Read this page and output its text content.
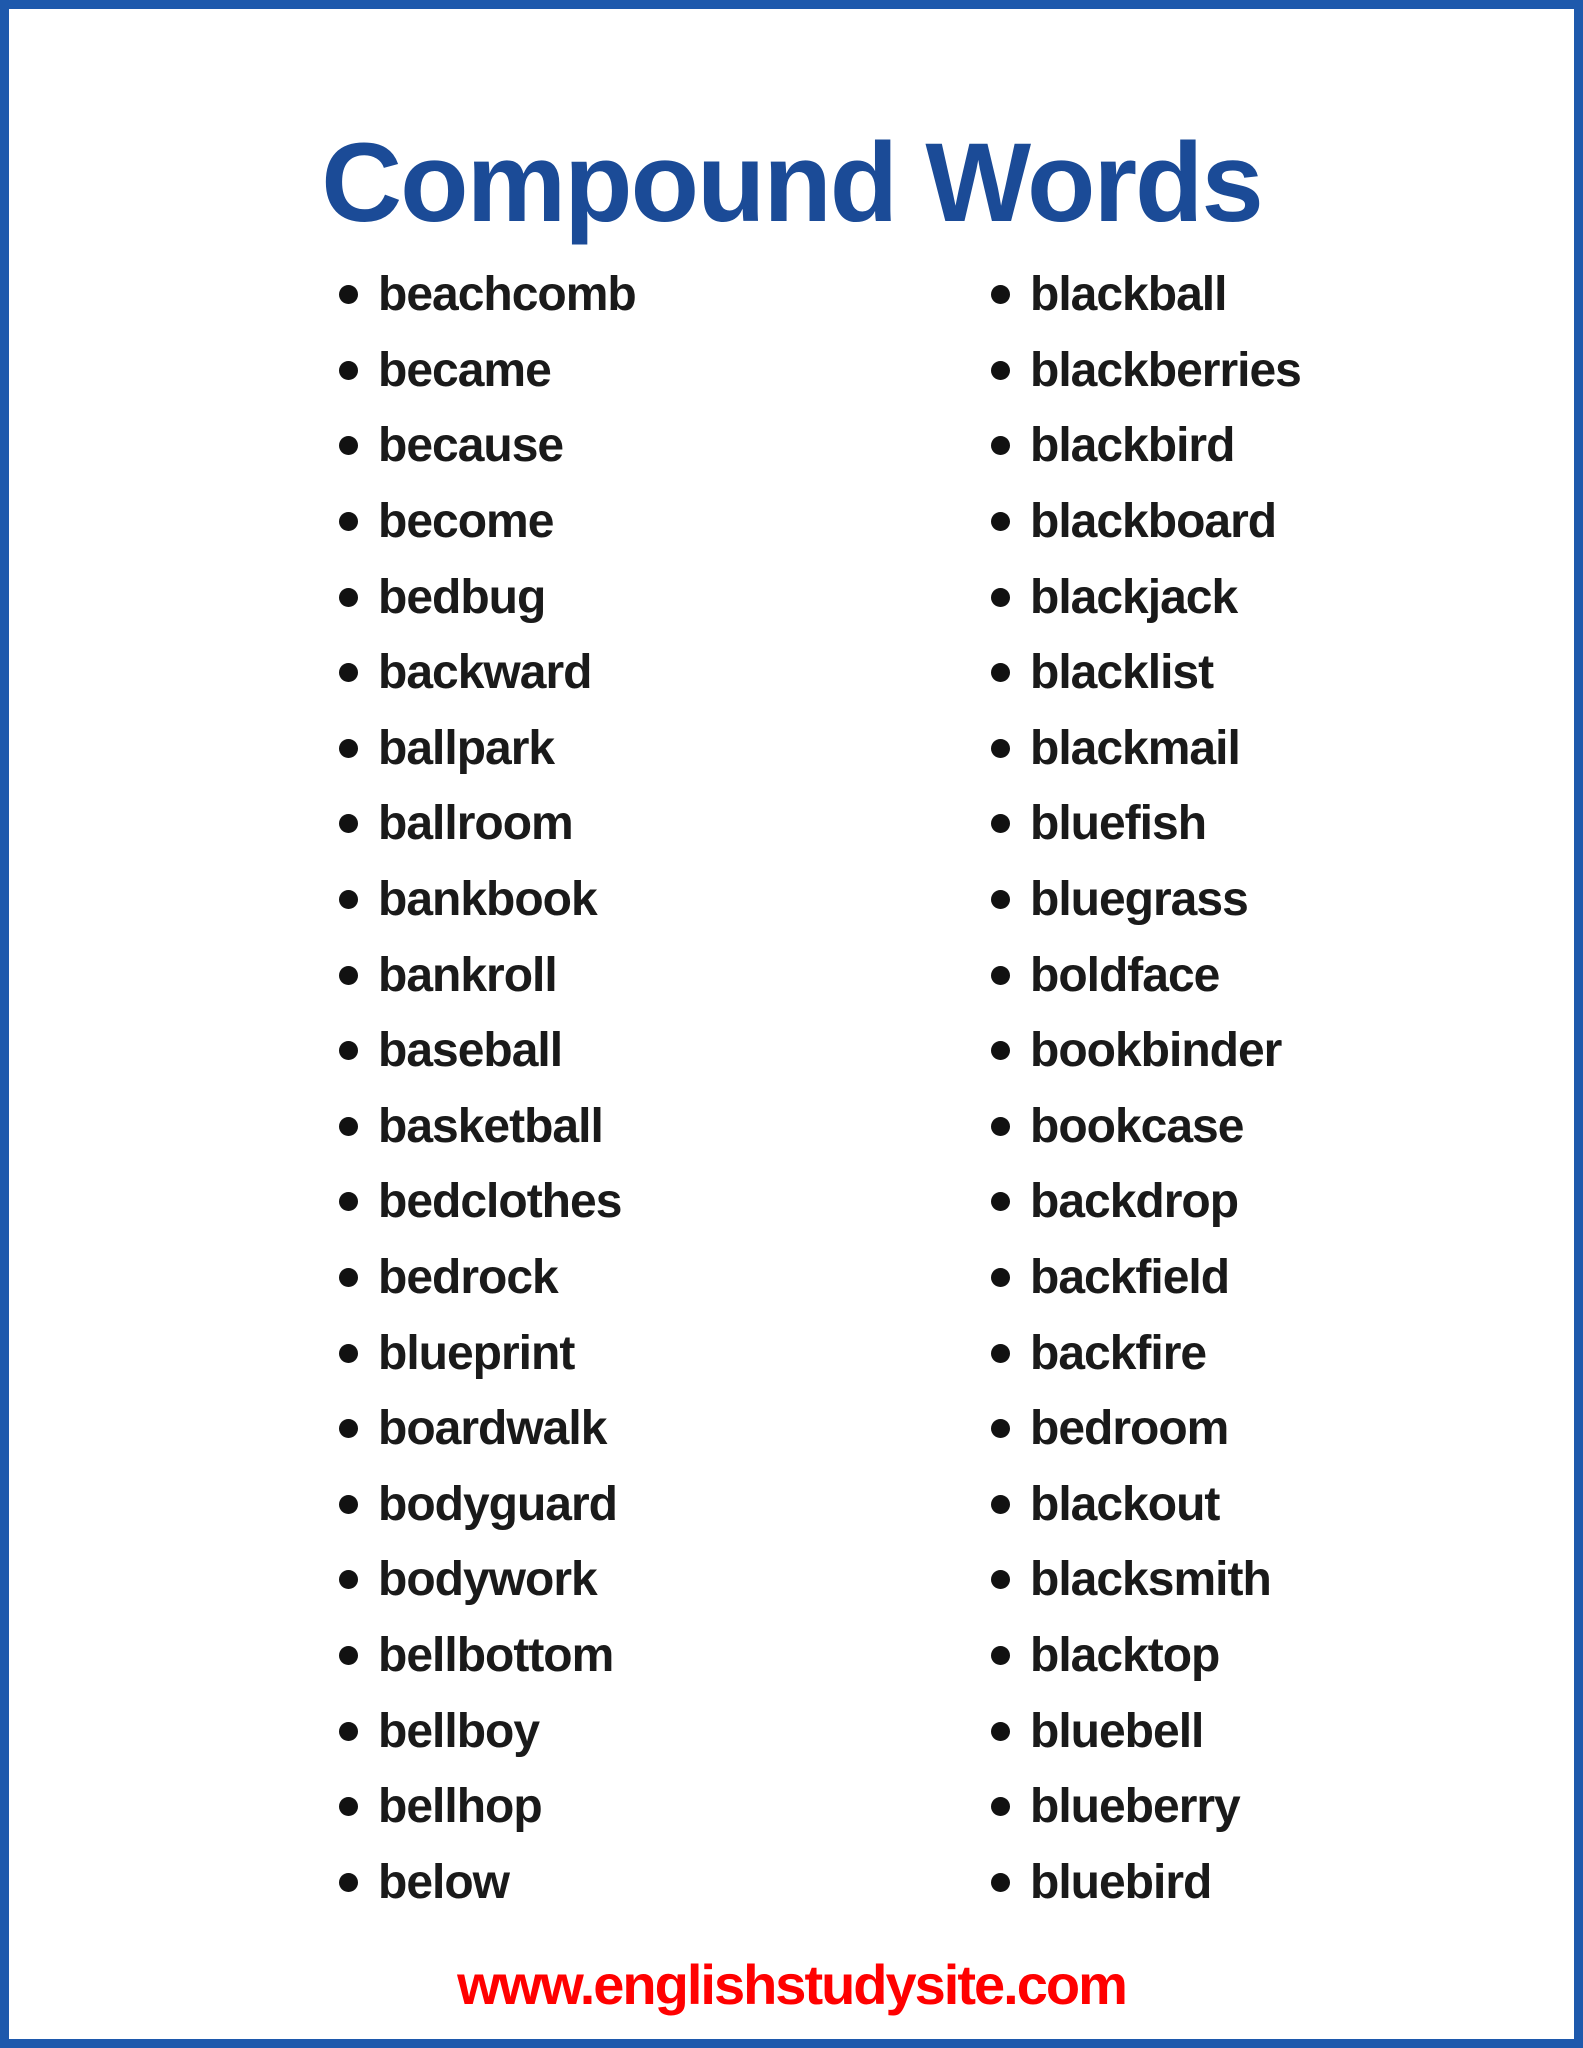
Compound Words
beachcomb
became
because
become
bedbug
backward
ballpark
ballroom
bankbook
bankroll
baseball
basketball
bedclothes
bedrock
blueprint
boardwalk
bodyguard
bodywork
bellbottom
bellboy
bellhop
below
blackball
blackberries
blackbird
blackboard
blackjack
blacklist
blackmail
bluefish
bluegrass
boldface
bookbinder
bookcase
backdrop
backfield
backfire
bedroom
blackout
blacksmith
blacktop
bluebell
blueberry
bluebird
www.englishstudysite.com
